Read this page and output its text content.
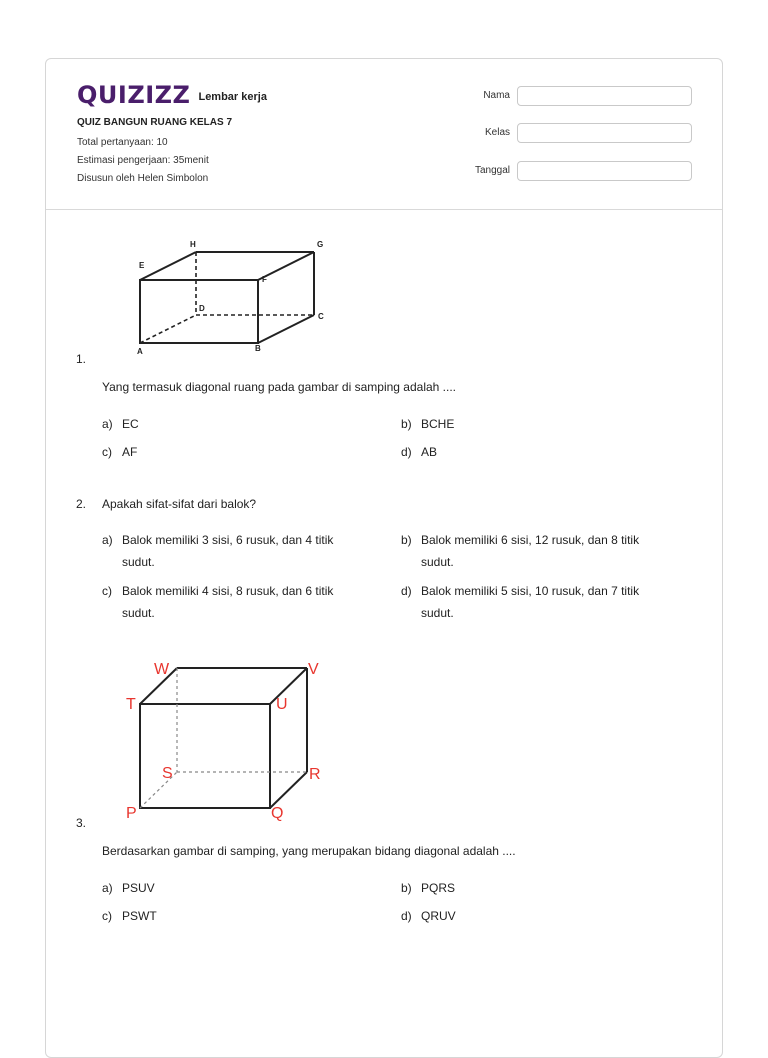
QUIZIZZ Lembar kerja
QUIZ BANGUN RUANG KELAS 7
Total pertanyaan: 10
Estimasi pengerjaan: 35menit
Disusun oleh Helen Simbolon
Nama
Kelas
Tanggal
H	G
E
F
D
C
A	B
1.
Yang termasuk diagonal ruang pada gambar di samping adalah ....
a) EC	b) BCHE
c) AF	d) AB
2. Apakah sifat-sifat dari balok?
a) Balok memiliki 3 sisi, 6 rusuk, dan 4 titik sudut.
b) Balok memiliki 6 sisi, 12 rusuk, dan 8 titik sudut.
c) Balok memiliki 4 sisi, 8 rusuk, dan 6 titik sudut.
d) Balok memiliki 5 sisi, 10 rusuk, dan 7 titik sudut.
W	V
T	U
S	R
P	Q
3.
Berdasarkan gambar di samping, yang merupakan bidang diagonal adalah ....
a) PSUV	b) PQRS
c) PSWT	d) QRUV
